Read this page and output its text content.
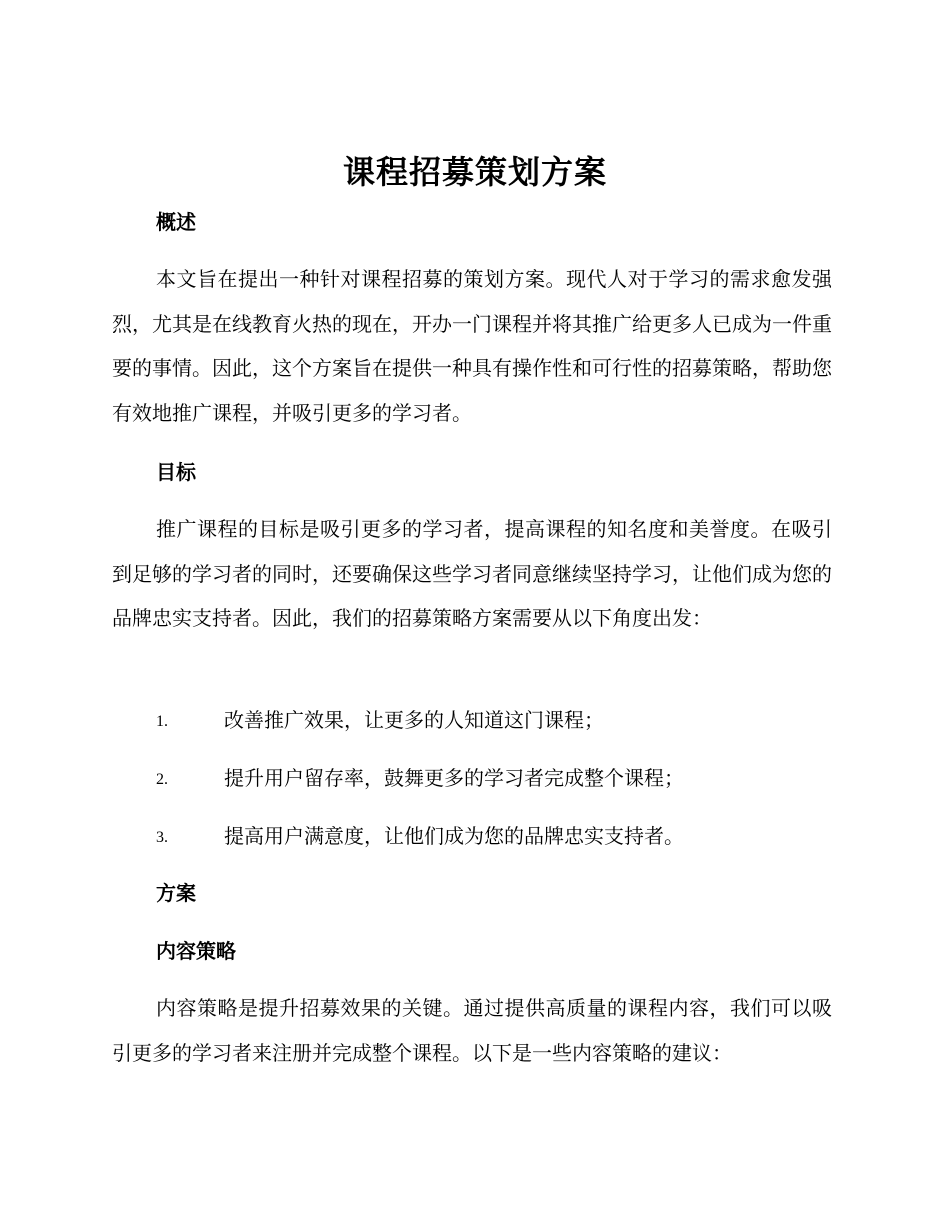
课程招募策划方案
概述

本文旨在提出一种针对课程招募的策划方案。现代人对于学习的需求愈发强烈，尤其是在线教育火热的现在，开办一门课程并将其推广给更多人已成为一件重要的事情。因此，这个方案旨在提供一种具有操作性和可行性的招募策略，帮助您有效地推广课程，并吸引更多的学习者。

目标

推广课程的目标是吸引更多的学习者，提高课程的知名度和美誉度。在吸引到足够的学习者的同时，还要确保这些学习者同意继续坚持学习，让他们成为您的品牌忠实支持者。因此，我们的招募策略方案需要从以下角度出发：

1.	改善推广效果，让更多的人知道这门课程；
2.	提升用户留存率，鼓舞更多的学习者完成整个课程；
3.	提高用户满意度，让他们成为您的品牌忠实支持者。
方案
内容策略

内容策略是提升招募效果的关键。通过提供高质量的课程内容，我们可以吸引更多的学习者来注册并完成整个课程。以下是一些内容策略的建议：
